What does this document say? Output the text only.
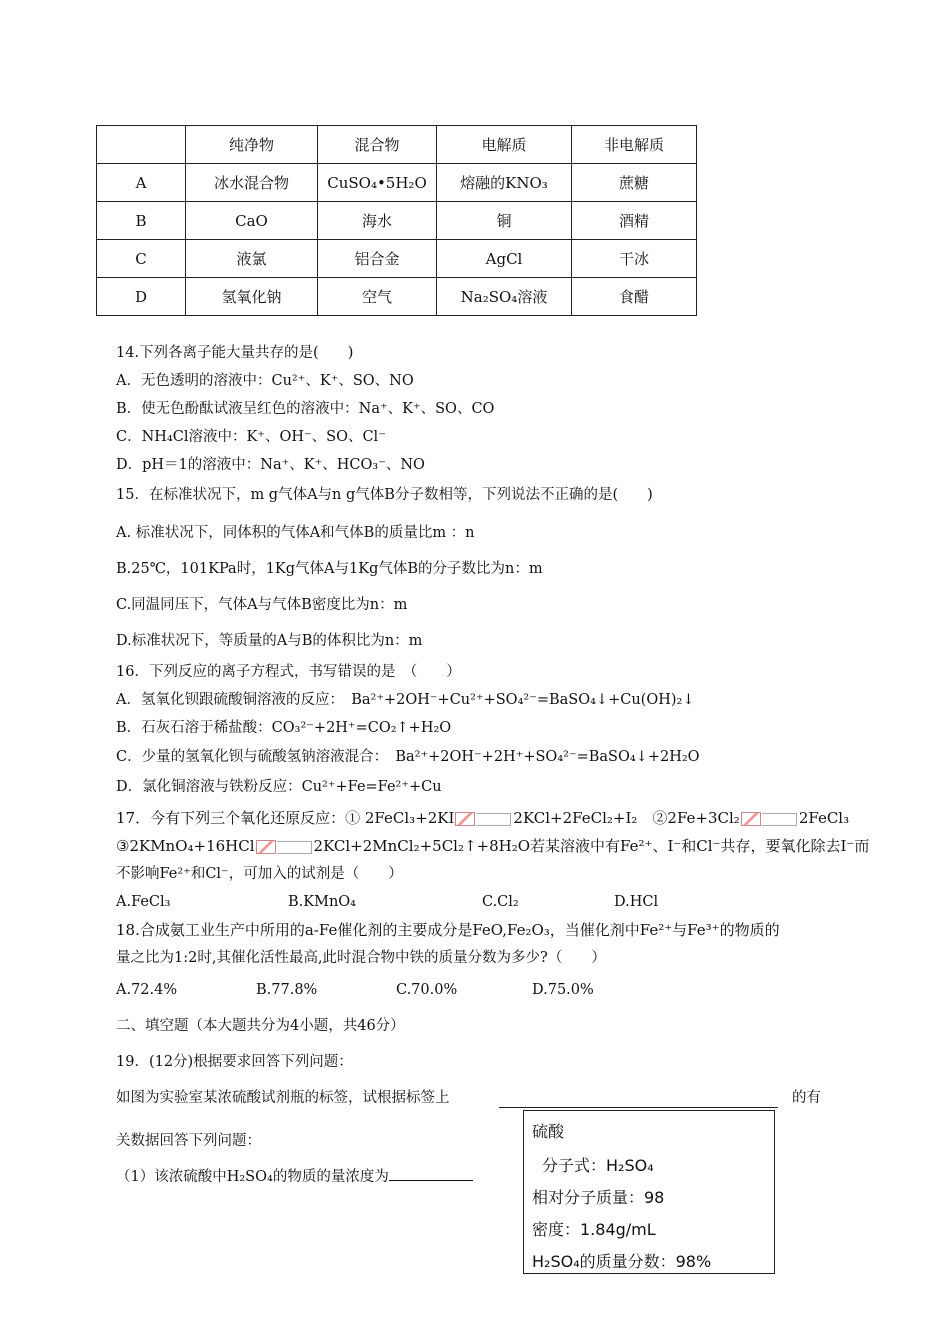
	纯净物	混合物	电解质	非电解质
A	冰水混合物	CuSO₄•5H₂O	熔融的KNO₃	蔗糖
B	CaO	海水	铜	酒精
C	液氯	铝合金	AgCl	干冰
D	氢氧化钠	空气	Na₂SO₄溶液	食醋
14.下列各离子能大量共存的是(　　)
A．无色透明的溶液中：Cu²⁺、K⁺、SO、NO
B．使无色酚酞试液呈红色的溶液中：Na⁺、K⁺、SO、CO
C．NH₄Cl溶液中：K⁺、OH⁻、SO、Cl⁻
D．pH＝1的溶液中：Na⁺、K⁺、HCO₃⁻、NO
15．在标准状况下，m g气体A与n g气体B分子数相等，下列说法不正确的是(　　)
A. 标准状况下，同体积的气体A和气体B的质量比m ：n
B.25℃，101KPa时，1Kg气体A与1Kg气体B的分子数比为n：m
C.同温同压下，气体A与气体B密度比为n：m
D.标准状况下，等质量的A与B的体积比为n：m
16．下列反应的离子方程式，书写错误的是　（　　）
A．氢氧化钡跟硫酸铜溶液的反应：　Ba²⁺+2OH⁻+Cu²⁺+SO₄²⁻=BaSO₄↓+Cu(OH)₂↓
B．石灰石溶于稀盐酸：CO₃²⁻+2H⁺=CO₂↑+H₂O
C．少量的氢氧化钡与硫酸氢钠溶液混合：　Ba²⁺+2OH⁻+2H⁺+SO₄²⁻=BaSO₄↓+2H₂O
D．氯化铜溶液与铁粉反应：Cu²⁺+Fe=Fe²⁺+Cu
17．今有下列三个氧化还原反应：① 2FeCl₃+2KI	2KCl+2FeCl₂+I₂　②2Fe+3Cl₂	2FeCl₃
③2KMnO₄+16HCl	2KCl+2MnCl₂+5Cl₂↑+8H₂O若某溶液中有Fe²⁺、I⁻和Cl⁻共存，要氧化除去I⁻而
不影响Fe²⁺和Cl⁻，可加入的试剂是（　　）
A.FeCl₃	B.KMnO₄	C.Cl₂	D.HCl
18.合成氨工业生产中所用的a-Fe催化剂的主要成分是FeO,Fe₂O₃，当催化剂中Fe²⁺与Fe³⁺的物质的
量之比为1:2时,其催化活性最高,此时混合物中铁的质量分数为多少?（　　）
A.72.4%	B.77.8%	C.70.0%	D.75.0%
二、填空题（本大题共分为4小题，共46分）
19．(12分)根据要求回答下列问题：
如图为实验室某浓硫酸试剂瓶的标签，试根据标签上	的有
关数据回答下列问题：
（1）该浓硫酸中H₂SO₄的物质的量浓度为
硫酸
分子式：H₂SO₄
相对分子质量：98
密度：1.84g/mL
H₂SO₄的质量分数：98%
